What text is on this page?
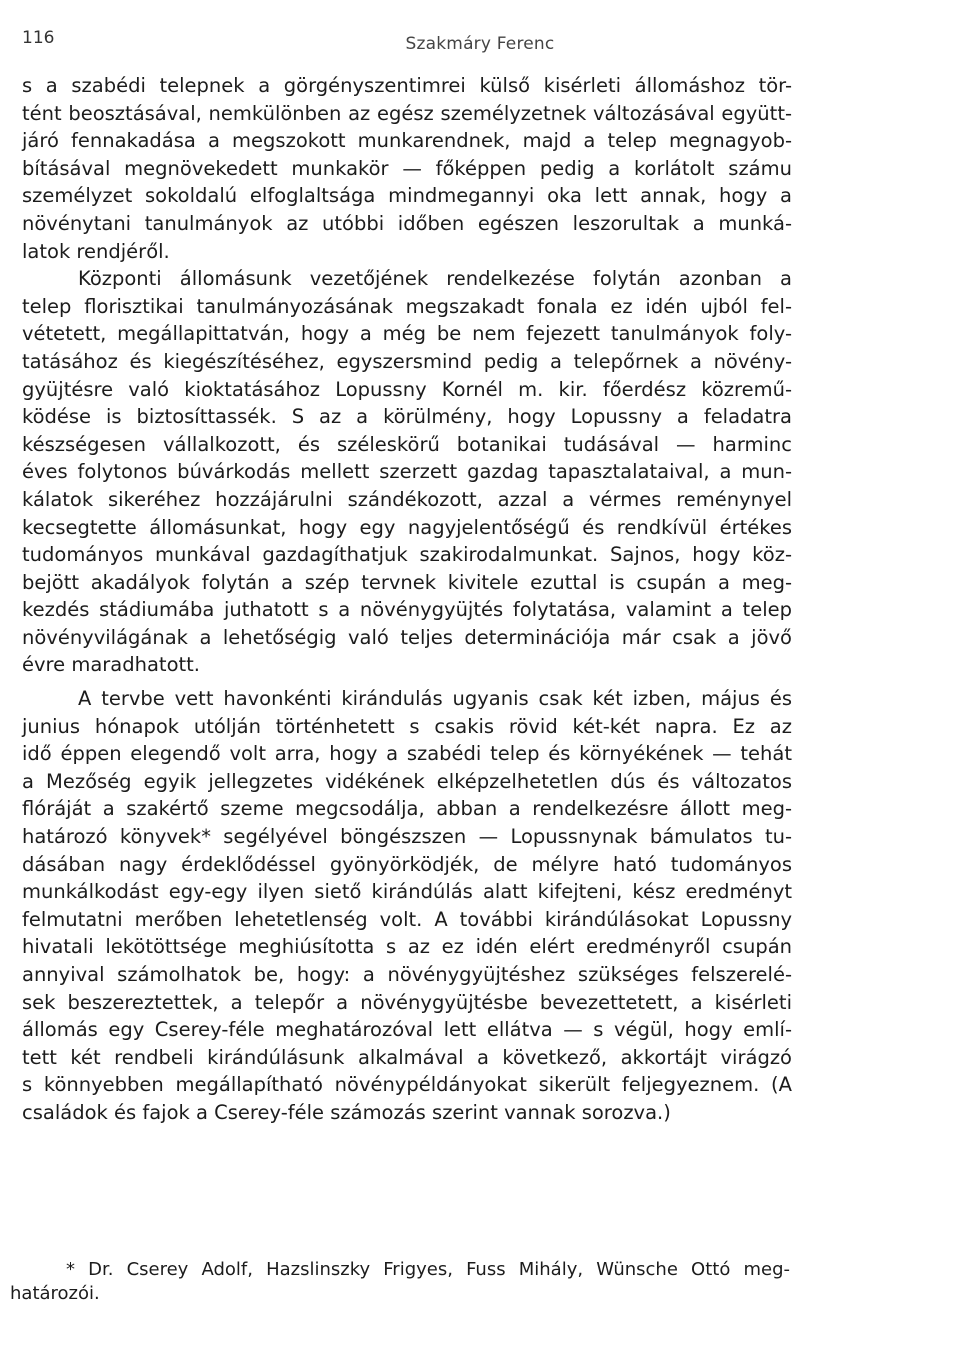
116	Szakmáry Ferenc
s a szabédi telepnek a görgényszentimrei külső kisérleti állomáshoz tör-
tént beosztásával, nemkülönben az egész személyzetnek változásával együtt-
járó fennakadása a megszokott munkarendnek, majd a telep megnagyob-
bításával megnövekedett munkakör — főképpen pedig a korlátolt számu
személyzet sokoldalú elfoglaltsága mindmegannyi oka lett annak, hogy a
növénytani tanulmányok az utóbbi időben egészen leszorultak a munká-
latok rendjéről.
Központi állomásunk vezetőjének rendelkezése folytán azonban a
telep florisztikai tanulmányozásának megszakadt fonala ez idén ujból fel-
vétetett, megállapittatván, hogy a még be nem fejezett tanulmányok foly-
tatásához és kiegészítéséhez, egyszersmind pedig a telepőrnek a növény-
gyüjtésre való kioktatásához Lopussny Kornél m. kir. főerdész közremű-
ködése is biztosíttassék. S az a körülmény, hogy Lopussny a feladatra
készségesen vállalkozott, és széleskörű botanikai tudásával — harminc
éves folytonos búvárkodás mellett szerzett gazdag tapasztalataival, a mun-
kálatok sikeréhez hozzájárulni szándékozott, azzal a vérmes reménynyel
kecsegtette állomásunkat, hogy egy nagyjelentőségű és rendkívül értékes
tudományos munkával gazdagíthatjuk szakirodalmunkat. Sajnos, hogy köz-
bejött akadályok folytán a szép tervnek kivitele ezuttal is csupán a meg-
kezdés stádiumába juthatott s a növénygyüjtés folytatása, valamint a telep
növényvilágának a lehetőségig való teljes determinációja már csak a jövő
évre maradhatott.
A tervbe vett havonkénti kirándulás ugyanis csak két izben, május és
junius hónapok utólján történhetett s csakis rövid két-két napra. Ez az
idő éppen elegendő volt arra, hogy a szabédi telep és környékének — tehát
a Mezőség egyik jellegzetes vidékének elképzelhetetlen dús és változatos
flóráját a szakértő szeme megcsodálja, abban a rendelkezésre állott meg-
határozó könyvek* segélyével böngészszen — Lopussnynak bámulatos tu-
dásában nagy érdeklődéssel gyönyörködjék, de mélyre ható tudományos
munkálkodást egy-egy ilyen siető kirándúlás alatt kifejteni, kész eredményt
felmutatni merőben lehetetlenség volt. A további kirándúlásokat Lopussny
hivatali lekötöttsége meghiúsította s az ez idén elért eredményről csupán
annyival számolhatok be, hogy: a növénygyüjtéshez szükséges felszerelé-
sek beszereztettek, a telepőr a növénygyüjtésbe bevezettetett, a kisérleti
állomás egy Cserey-féle meghatározóval lett ellátva — s végül, hogy emlí-
tett két rendbeli kirándúlásunk alkalmával a következő, akkortájt virágzó
s könnyebben megállapítható növénypéldányokat sikerült feljegyeznem. (A
családok és fajok a Cserey-féle számozás szerint vannak sorozva.)
* Dr. Cserey Adolf, Hazslinszky Frigyes, Fuss Mihály, Wünsche Ottó meg-
határozói.
